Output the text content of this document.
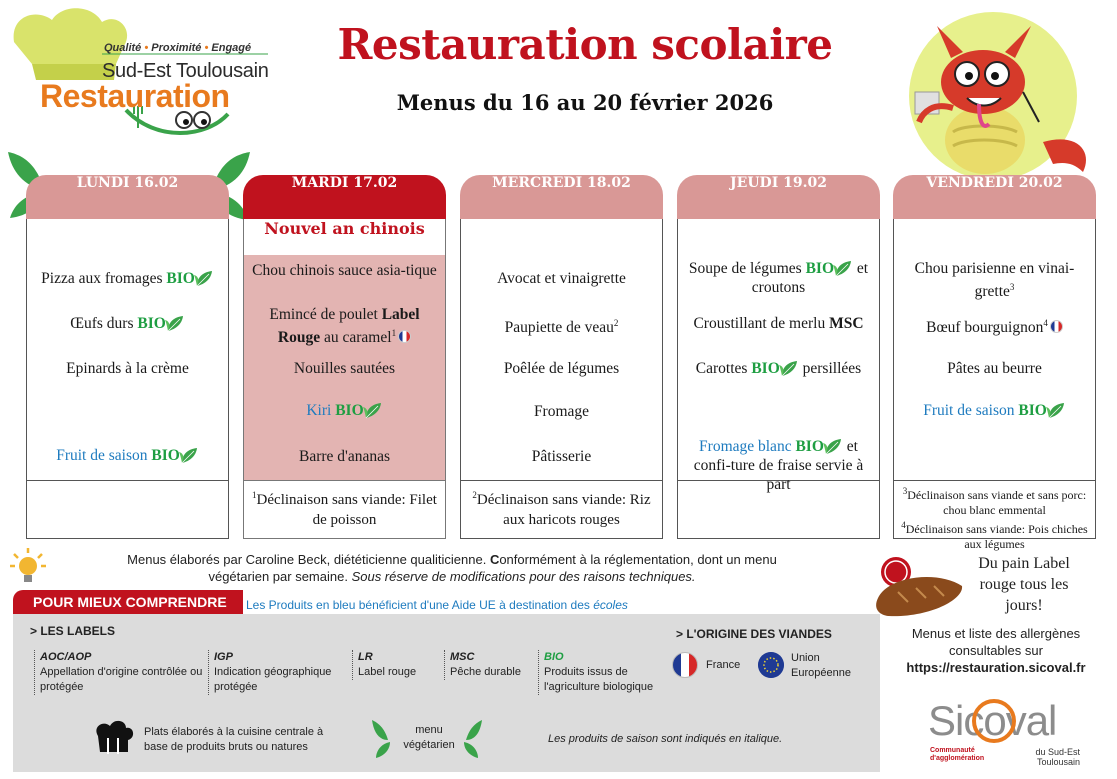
Qualité • Proximité • Engagé
Sud-Est Toulousain
Restauration
Restauration scolaire
Menus du 16 au 20 février 2026
LUNDI 16.02
Pizza aux fromages BIO
Œufs durs BIO
Epinards à la crème
Fruit de saison BIO
MARDI 17.02
Nouvel an chinois
Chou chinois sauce asia-tique
Emincé de poulet Label Rouge au caramel$^1$
Nouilles sautées
Kiri BIO
Barre d'ananas
$^1$Déclinaison sans viande: Filet de poisson
MERCREDI 18.02
Avocat et vinaigrette
Paupiette de veau$^2$
Poêlée de légumes
Fromage
Pâtisserie
$^2$Déclinaison sans viande: Riz aux haricots rouges
JEUDI 19.02
Soupe de légumes BIO et croutons
Croustillant de merlu MSC
Carottes BIO persillées
Fromage blanc BIO et confi-ture de fraise servie à part
VENDREDI 20.02
Chou parisienne en vinai-grette$^3$
Bœuf bourguignon$^4$
Pâtes au beurre
Fruit de saison BIO
$^3$Déclinaison sans viande et sans porc: chou blanc emmental
$^4$Déclinaison sans viande: Pois chiches aux légumes
Menus élaborés par Caroline Beck, diététicienne qualiticienne. Conformément à la réglementation, dont un menu
végétarien par semaine. Sous réserve de modifications pour des raisons techniques.
POUR MIEUX COMPRENDRE	Les Produits en bleu bénéficient d'une Aide UE à destination des écoles
> LES LABELS
AOC/AOP
Appellation d'origine contrôlée ou protégée
IGP
Indication géographique protégée
LR
Label rouge
MSC
Pêche durable
BIO
Produits issus de l'agriculture biologique
> L'ORIGINE DES VIANDES
France
Union Européenne
Plats élaborés à la cuisine centrale à base de produits bruts ou natures
menu végétarien	Les produits de saison sont indiqués en italique.
Du pain Label rouge tous les jours!
Menus et liste des allergènes consultables sur
https://restauration.sicoval.fr
Sicoval
Communauté d'agglomération
du Sud-Est Toulousain
